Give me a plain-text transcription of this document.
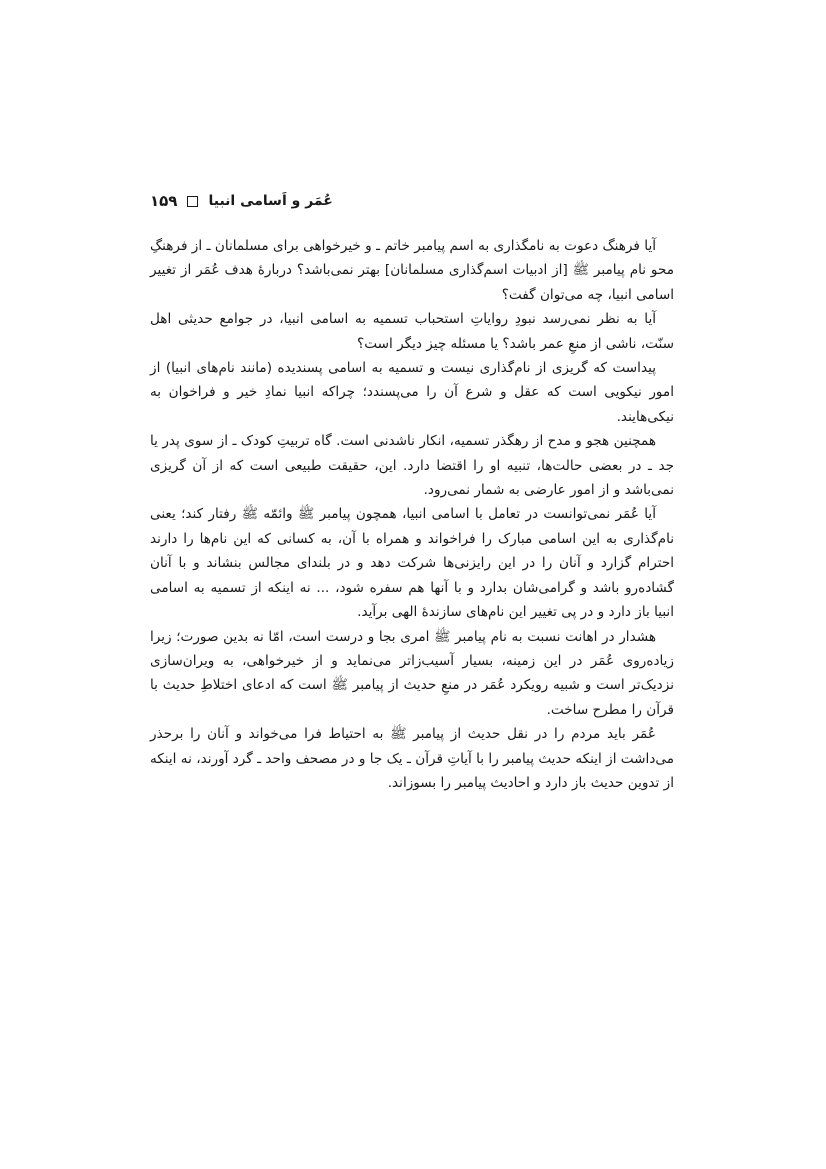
عُمَر و اَسامی انبیا
۱۵۹

آیا فرهنگ دعوت به نامگذاری به اسم پیامبر خاتم ـ و خیرخواهی برای مسلمانان ـ از فرهنگِ محو نام پیامبر ﷺ [از ادبیات اسم‌گذاری مسلمانان] بهتر نمی‌باشد؟ دربارهٔ هدف عُمَر از تغییر اسامی انبیا، چه می‌توان گفت؟

آیا به نظر نمی‌رسد نبودِ روایاتِ استحباب تسمیه به اسامی انبیا، در جوامع حدیثی اهل سنّت، ناشی از منعِ عمر باشد؟ یا مسئله چیز دیگر است؟

پیداست که گریزی از نام‌گذاری نیست و تسمیه به اسامی پسندیده (مانند نام‌های انبیا) از امور نیکویی است که عقل و شرع آن را می‌پسندد؛ چراکه انبیا نمادِ خیر و فراخوان به نیکی‌هایند.

همچنین هجو و مدح از رهگذر تسمیه، انکار ناشدنی است. گاه تربیتِ کودک ـ از سوی پدر یا جد ـ در بعضی حالت‌ها، تنبیه او را اقتضا دارد. این، حقیقت طبیعی است که از آن گریزی نمی‌باشد و از امور عارضی به شمار نمی‌رود.

آیا عُمَر نمی‌توانست در تعامل با اسامی انبیا، همچون پیامبر ﷺ وائمّه ﷺ رفتار کند؛ یعنی نام‌گذاری به این اسامی مبارک را فراخواند و همراه با آن، به کسانی که این نام‌ها را دارند احترام گزارد و آنان را در این رایزنی‌ها شرکت دهد و در بلندای مجالس بنشاند و با آنان گشاده‌رو باشد و گرامی‌شان بدارد و با آنها هم سفره شود، ... نه اینکه از تسمیه به اسامی انبیا باز دارد و در پی تغییر این نام‌های سازندهٔ الهی برآید.

هشدار در اهانت نسبت به نام پیامبر ﷺ امری بجا و درست است، امّا نه بدین صورت؛ زیرا زیاده‌روی عُمَر در این زمینه، بسیار آسیب‌زاتر می‌نماید و از خیرخواهی، به ویران‌سازی نزدیک‌تر است و شبیه رویکرد عُمَر در منعِ حدیث از پیامبر ﷺ است که ادعای اختلاطِ حدیث با قرآن را مطرح ساخت.

عُمَر باید مردم را در نقل حدیث از پیامبر ﷺ به احتیاط فرا می‌خواند و آنان را برحذر می‌داشت از اینکه حدیث پیامبر را با آیاتِ قرآن ـ یک جا و در مصحف واحد ـ گرد آورند، نه اینکه از تدوین حدیث باز دارد و احادیث پیامبر را بسوزاند.
